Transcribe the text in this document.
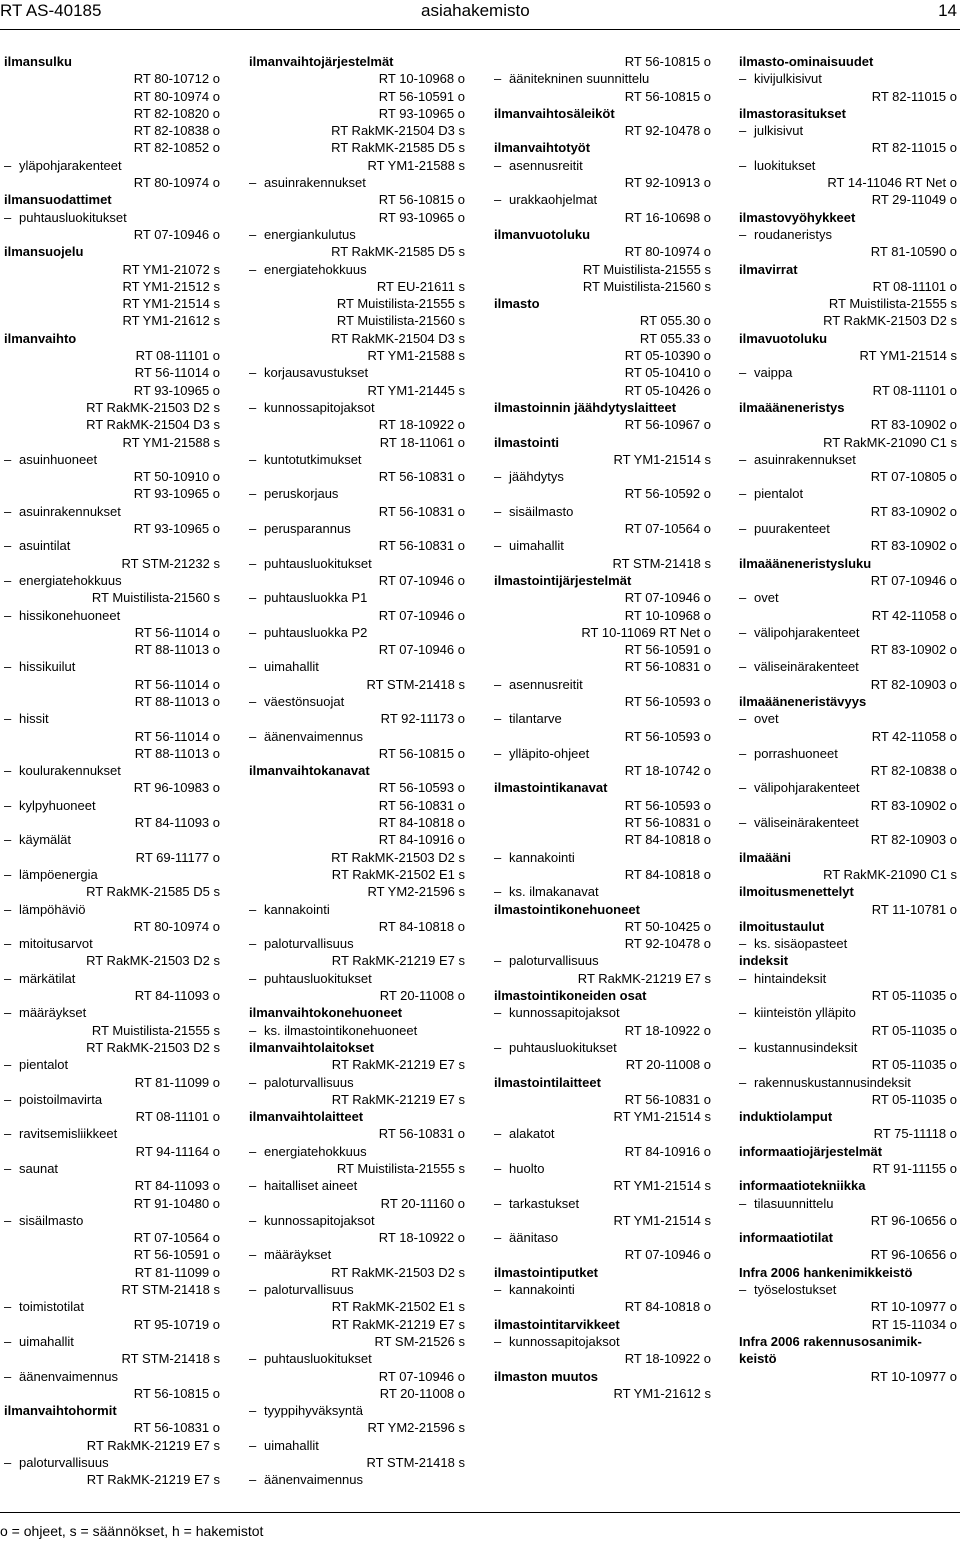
RT AS-40185	asiahakemisto	14
ilmansulku
RT 80-10712 o
RT 80-10974 o
RT 82-10820 o
RT 82-10838 o
RT 82-10852 o
– yläpohjarakenteet
RT 80-10974 o
ilmansuodattimet
– puhtausluokitukset
RT 07-10946 o
ilmansuojelu
RT YM1-21072 s
RT YM1-21512 s
RT YM1-21514 s
RT YM1-21612 s
ilmanvaihto
RT 08-11101 o
RT 56-11014 o
RT 93-10965 o
RT RakMK-21503 D2 s
RT RakMK-21504 D3 s
RT YM1-21588 s
– asuinhuoneet
RT 50-10910 o
RT 93-10965 o
– asuinrakennukset
RT 93-10965 o
– asuintilat
RT STM-21232 s
– energiatehokkuus
RT Muistilista-21560 s
– hissikonehuoneet
RT 56-11014 o
RT 88-11013 o
– hissikuilut
RT 56-11014 o
RT 88-11013 o
– hissit
RT 56-11014 o
RT 88-11013 o
– koulurakennukset
RT 96-10983 o
– kylpyhuoneet
RT 84-11093 o
– käymälät
RT 69-11177 o
– lämpöenergia
RT RakMK-21585 D5 s
– lämpöhäviö
RT 80-10974 o
– mitoitusarvot
RT RakMK-21503 D2 s
– märkätilat
RT 84-11093 o
– määräykset
RT Muistilista-21555 s
RT RakMK-21503 D2 s
– pientalot
RT 81-11099 o
– poistoilmavirta
RT 08-11101 o
– ravitsemisliikkeet
RT 94-11164 o
– saunat
RT 84-11093 o
RT 91-10480 o
– sisäilmasto
RT 07-10564 o
RT 56-10591 o
RT 81-11099 o
RT STM-21418 s
– toimistotilat
RT 95-10719 o
– uimahallit
RT STM-21418 s
– äänenvaimennus
RT 56-10815 o
ilmanvaihtohormit
RT 56-10831 o
RT RakMK-21219 E7 s
– paloturvallisuus
RT RakMK-21219 E7 s
ilmanvaihtojärjestelmät
RT 10-10968 o
RT 56-10591 o
RT 93-10965 o
RT RakMK-21504 D3 s
RT RakMK-21585 D5 s
RT YM1-21588 s
– asuinrakennukset
RT 56-10815 o
RT 93-10965 o
– energiankulutus
RT RakMK-21585 D5 s
– energiatehokkuus
RT EU-21611 s
RT Muistilista-21555 s
RT Muistilista-21560 s
RT RakMK-21504 D3 s
RT YM1-21588 s
– korjausavustukset
RT YM1-21445 s
– kunnossapitojaksot
RT 18-10922 o
RT 18-11061 o
– kuntotutkimukset
RT 56-10831 o
– peruskorjaus
RT 56-10831 o
– perusparannus
RT 56-10831 o
– puhtausluokitukset
RT 07-10946 o
– puhtausluokka P1
RT 07-10946 o
– puhtausluokka P2
RT 07-10946 o
– uimahallit
RT STM-21418 s
– väestönsuojat
RT 92-11173 o
– äänenvaimennus
RT 56-10815 o
ilmanvaihtokanavat
RT 56-10593 o
RT 56-10831 o
RT 84-10818 o
RT 84-10916 o
RT RakMK-21503 D2 s
RT RakMK-21502 E1 s
RT YM2-21596 s
– kannakointi
RT 84-10818 o
– paloturvallisuus
RT RakMK-21219 E7 s
– puhtausluokitukset
RT 20-11008 o
ilmanvaihtokonehuoneet
– ks. ilmastointikonehuoneet
ilmanvaihtolaitokset
RT RakMK-21219 E7 s
– paloturvallisuus
RT RakMK-21219 E7 s
ilmanvaihtolaitteet
RT 56-10831 o
– energiatehokkuus
RT Muistilista-21555 s
– haitalliset aineet
RT 20-11160 o
– kunnossapitojaksot
RT 18-10922 o
– määräykset
RT RakMK-21503 D2 s
– paloturvallisuus
RT RakMK-21502 E1 s
RT RakMK-21219 E7 s
RT SM-21526 s
– puhtausluokitukset
RT 07-10946 o
RT 20-11008 o
– tyyppihyväksyntä
RT YM2-21596 s
– uimahallit
RT STM-21418 s
– äänenvaimennus
RT 56-10815 o
– äänitekninen suunnittelu
RT 56-10815 o
ilmanvaihtosäleiköt
RT 92-10478 o
ilmanvaihtotyöt
– asennusreitit
RT 92-10913 o
– urakkaohjelmat
RT 16-10698 o
ilmanvuotoluku
RT 80-10974 o
RT Muistilista-21555 s
RT Muistilista-21560 s
ilmasto
RT 055.30 o
RT 055.33 o
RT 05-10390 o
RT 05-10410 o
RT 05-10426 o
ilmastoinnin jäähdytyslaitteet
RT 56-10967 o
ilmastointi
RT YM1-21514 s
– jäähdytys
RT 56-10592 o
– sisäilmasto
RT 07-10564 o
– uimahallit
RT STM-21418 s
ilmastointijärjestelmät
RT 07-10946 o
RT 10-10968 o
RT 10-11069 RT Net o
RT 56-10591 o
RT 56-10831 o
– asennusreitit
RT 56-10593 o
– tilantarve
RT 56-10593 o
– ylläpito-ohjeet
RT 18-10742 o
ilmastointikanavat
RT 56-10593 o
RT 56-10831 o
RT 84-10818 o
– kannakointi
RT 84-10818 o
– ks. ilmakanavat
ilmastointikonehuoneet
RT 50-10425 o
RT 92-10478 o
– paloturvallisuus
RT RakMK-21219 E7 s
ilmastointikoneiden osat
– kunnossapitojaksot
RT 18-10922 o
– puhtausluokitukset
RT 20-11008 o
ilmastointilaitteet
RT 56-10831 o
RT YM1-21514 s
– alakatot
RT 84-10916 o
– huolto
RT YM1-21514 s
– tarkastukset
RT YM1-21514 s
– äänitaso
RT 07-10946 o
ilmastointiputket
– kannakointi
RT 84-10818 o
ilmastointitarvikkeet
– kunnossapitojaksot
RT 18-10922 o
ilmaston muutos
RT YM1-21612 s
ilmasto-ominaisuudet
– kivijulkisivut
RT 82-11015 o
ilmastorasitukset
– julkisivut
RT 82-11015 o
– luokitukset
RT 14-11046 RT Net o
RT 29-11049 o
ilmastovyöhykkeet
– roudaneristys
RT 81-10590 o
ilmavirrat
RT 08-11101 o
RT Muistilista-21555 s
RT RakMK-21503 D2 s
ilmavuotoluku
RT YM1-21514 s
– vaippa
RT 08-11101 o
ilmaääneneristys
RT 83-10902 o
RT RakMK-21090 C1 s
– asuinrakennukset
RT 07-10805 o
– pientalot
RT 83-10902 o
– puurakenteet
RT 83-10902 o
ilmaääneneristysluku
RT 07-10946 o
– ovet
RT 42-11058 o
– välipohjarakenteet
RT 83-10902 o
– väliseinärakenteet
RT 82-10903 o
ilmaääneneristävyys
– ovet
RT 42-11058 o
– porrashuoneet
RT 82-10838 o
– välipohjarakenteet
RT 83-10902 o
– väliseinärakenteet
RT 82-10903 o
ilmaääni
RT RakMK-21090 C1 s
ilmoitusmenettelyt
RT 11-10781 o
ilmoitustaulut
– ks. sisäopasteet
indeksit
– hintaindeksit
RT 05-11035 o
– kiinteistön ylläpito
RT 05-11035 o
– kustannusindeksit
RT 05-11035 o
– rakennuskustannusindeksit
RT 05-11035 o
induktiolamput
RT 75-11118 o
informaatiojärjestelmät
RT 91-11155 o
informaatiotekniikka
– tilasuunnittelu
RT 96-10656 o
informaatiotilat
RT 96-10656 o
Infra 2006 hankenimikkeistö
– työselostukset
RT 10-10977 o
RT 15-11034 o
Infra 2006 rakennusosanimik-
keistö
RT 10-10977 o
o = ohjeet, s = säännökset, h = hakemistot
